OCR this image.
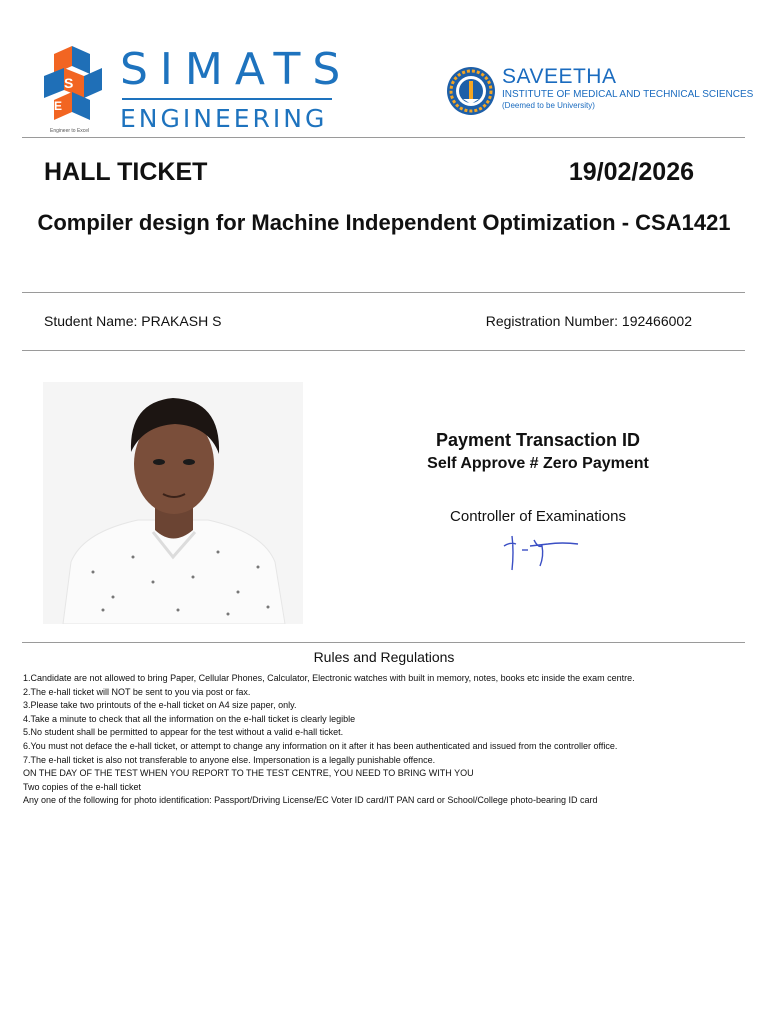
S
E
SIMATS
ENGINEERING
Engineer to Excel
SAVEETHA
INSTITUTE OF MEDICAL AND TECHNICAL SCIENCES
(Deemed to be University)
HALL TICKET	19/02/2026
Compiler design for Machine Independent Optimization - CSA1421
Student Name: PRAKASH S	Registration Number: 192466002
Payment Transaction ID
Self Approve # Zero Payment
Controller of Examinations
Rules and Regulations
1.Candidate are not allowed to bring Paper, Cellular Phones, Calculator, Electronic watches with built in memory, notes, books etc inside the exam centre.
2.The e-hall ticket will NOT be sent to you via post or fax.
3.Please take two printouts of the e-hall ticket on A4 size paper, only.
4.Take a minute to check that all the information on the e-hall ticket is clearly legible
5.No student shall be permitted to appear for the test without a valid e-hall ticket.
6.You must not deface the e-hall ticket, or attempt to change any information on it after it has been authenticated and issued from the controller office.
7.The e-hall ticket is also not transferable to anyone else. Impersonation is a legally punishable offence.
ON THE DAY OF THE TEST WHEN YOU REPORT TO THE TEST CENTRE, YOU NEED TO BRING WITH YOU
Two copies of the e-hall ticket
Any one of the following for photo identification: Passport/Driving License/EC Voter ID card/IT PAN card or School/College photo-bearing ID card
